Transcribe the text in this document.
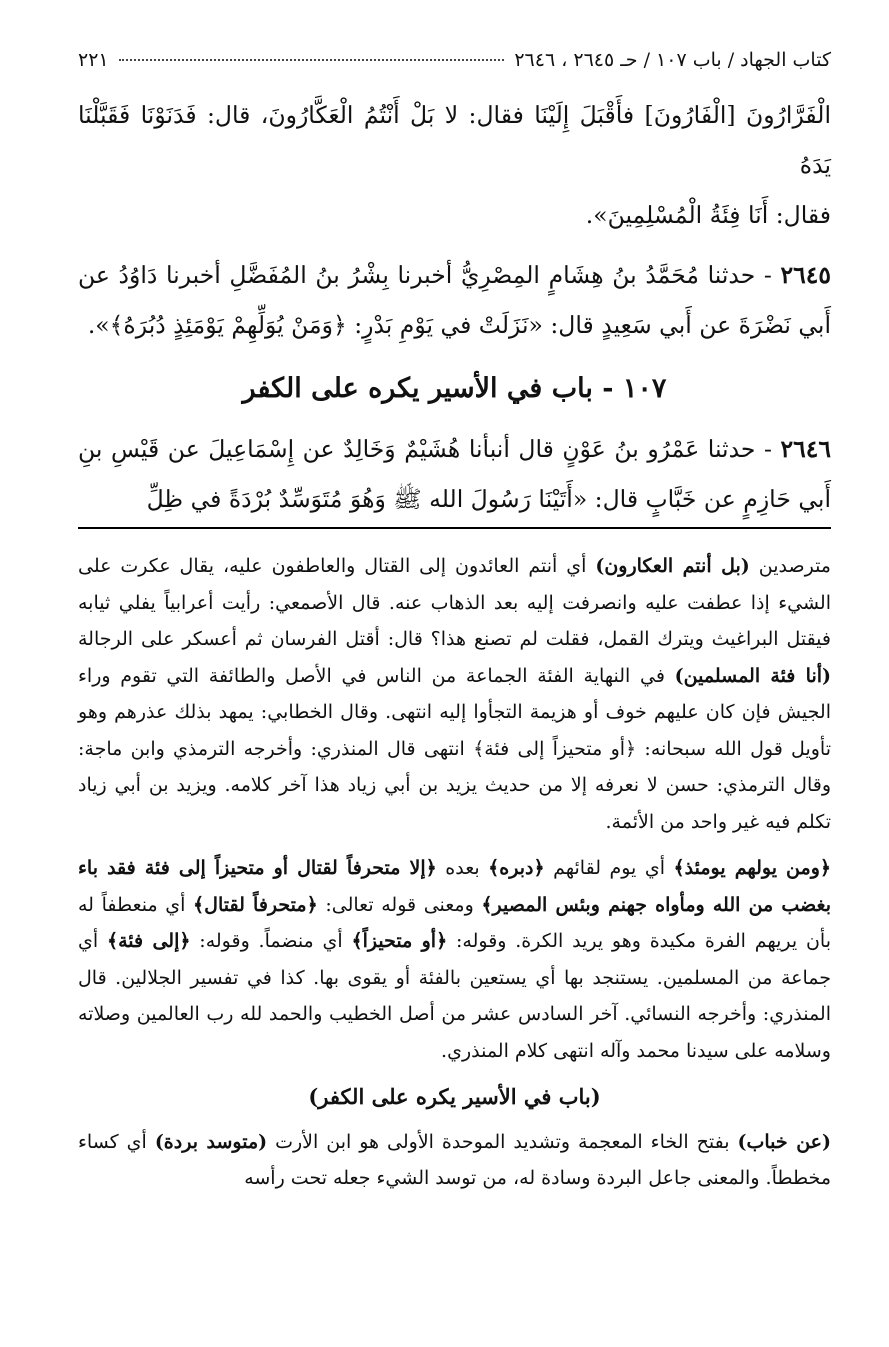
كتاب الجهاد / باب ١٠٧ / حـ ٢٦٤٥ ، ٢٦٤٦
٢٢١

الْفَرَّارُونَ [الْفَارُونَ] فأَقْبَلَ إِلَيْنَا فقال: لا بَلْ أَنْتُمُ الْعَكَّارُونَ، قال: فَدَنَوْنَا فَقَبَّلْنَا يَدَهُ
فقال: أَنَا فِئَةُ الْمُسْلِمِينَ».

٢٦٤٥ - حدثنا مُحَمَّدُ بنُ هِشَامٍ المِصْرِيُّ أخبرنا بِشْرُ بنُ المُفَضَّلِ أخبرنا دَاوُدُ عن أَبي نَضْرَةَ عن أَبي سَعِيدٍ قال: «نَزَلَتْ في يَوْمِ بَدْرٍ: ﴿وَمَنْ يُوَلِّهِمْ يَوْمَئِذٍ دُبُرَهُ﴾».

١٠٧ - باب في الأسير يكره على الكفر

٢٦٤٦ - حدثنا عَمْرُو بنُ عَوْنٍ قال أنبأنا هُشَيْمٌ وَخَالِدٌ عن إِسْمَاعِيلَ عن قَيْسِ بنِ أَبي حَازِمٍ عن خَبَّابٍ قال: «أَتَيْنَا رَسُولَ الله ﷺ وَهُوَ مُتَوَسِّدٌ بُرْدَةً في ظِلِّ

مترصدين (بل أنتم العكارون) أي أنتم العائدون إلى القتال والعاطفون عليه، يقال عكرت على الشيء إذا عطفت عليه وانصرفت إليه بعد الذهاب عنه. قال الأصمعي: رأيت أعرابياً يفلي ثيابه فيقتل البراغيث ويترك القمل، فقلت لم تصنع هذا؟ قال: أقتل الفرسان ثم أعسكر على الرجالة (أنا فئة المسلمين) في النهاية الفئة الجماعة من الناس في الأصل والطائفة التي تقوم وراء الجيش فإن كان عليهم خوف أو هزيمة التجأوا إليه انتهى. وقال الخطابي: يمهد بذلك عذرهم وهو تأويل قول الله سبحانه: ﴿أو متحيزاً إلى فئة﴾ انتهى قال المنذري: وأخرجه الترمذي وابن ماجة: وقال الترمذي: حسن لا نعرفه إلا من حديث يزيد بن أبي زياد هذا آخر كلامه. ويزيد بن أبي زياد تكلم فيه غير واحد من الأئمة.

﴿ومن يولهم يومئذ﴾ أي يوم لقائهم ﴿دبره﴾ بعده ﴿إلا متحرفاً لقتال أو متحيزاً إلى فئة فقد باء بغضب من الله ومأواه جهنم وبئس المصير﴾ ومعنى قوله تعالى: ﴿متحرفاً لقتال﴾ أي منعطفاً له بأن يريهم الفرة مكيدة وهو يريد الكرة. وقوله: ﴿أو متحيزاً﴾ أي منضماً. وقوله: ﴿إلى فئة﴾ أي جماعة من المسلمين. يستنجد بها أي يستعين بالفئة أو يقوى بها. كذا في تفسير الجلالين. قال المنذري: وأخرجه النسائي. آخر السادس عشر من أصل الخطيب والحمد لله رب العالمين وصلاته وسلامه على سيدنا محمد وآله انتهى كلام المنذري.

(باب في الأسير يكره على الكفر)

(عن خباب) بفتح الخاء المعجمة وتشديد الموحدة الأولى هو ابن الأرت (متوسد بردة) أي كساء مخططاً. والمعنى جاعل البردة وسادة له، من توسد الشيء جعله تحت رأسه
